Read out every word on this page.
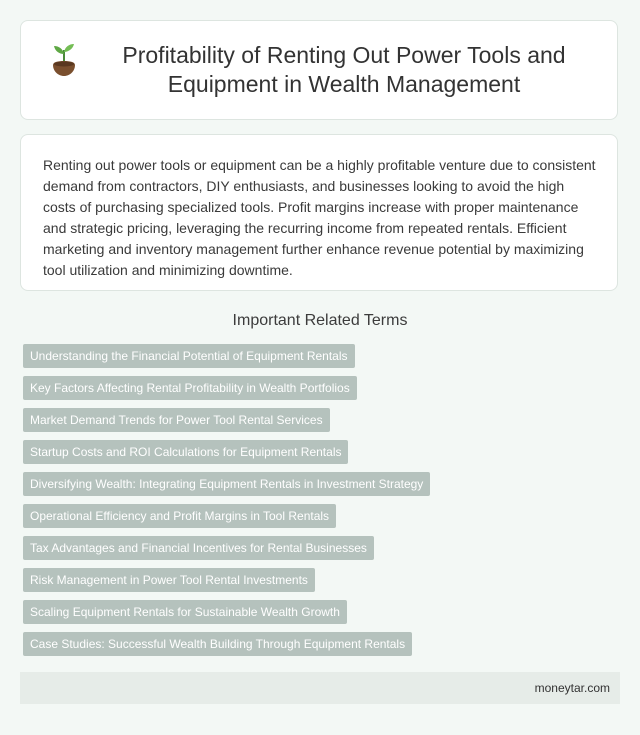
Profitability of Renting Out Power Tools and Equipment in Wealth Management

Renting out power tools or equipment can be a highly profitable venture due to consistent demand from contractors, DIY enthusiasts, and businesses looking to avoid the high costs of purchasing specialized tools. Profit margins increase with proper maintenance and strategic pricing, leveraging the recurring income from repeated rentals. Efficient marketing and inventory management further enhance revenue potential by maximizing tool utilization and minimizing downtime.

Important Related Terms
Understanding the Financial Potential of Equipment Rentals
Key Factors Affecting Rental Profitability in Wealth Portfolios
Market Demand Trends for Power Tool Rental Services
Startup Costs and ROI Calculations for Equipment Rentals
Diversifying Wealth: Integrating Equipment Rentals in Investment Strategy
Operational Efficiency and Profit Margins in Tool Rentals
Tax Advantages and Financial Incentives for Rental Businesses
Risk Management in Power Tool Rental Investments
Scaling Equipment Rentals for Sustainable Wealth Growth
Case Studies: Successful Wealth Building Through Equipment Rentals
moneytar.com
